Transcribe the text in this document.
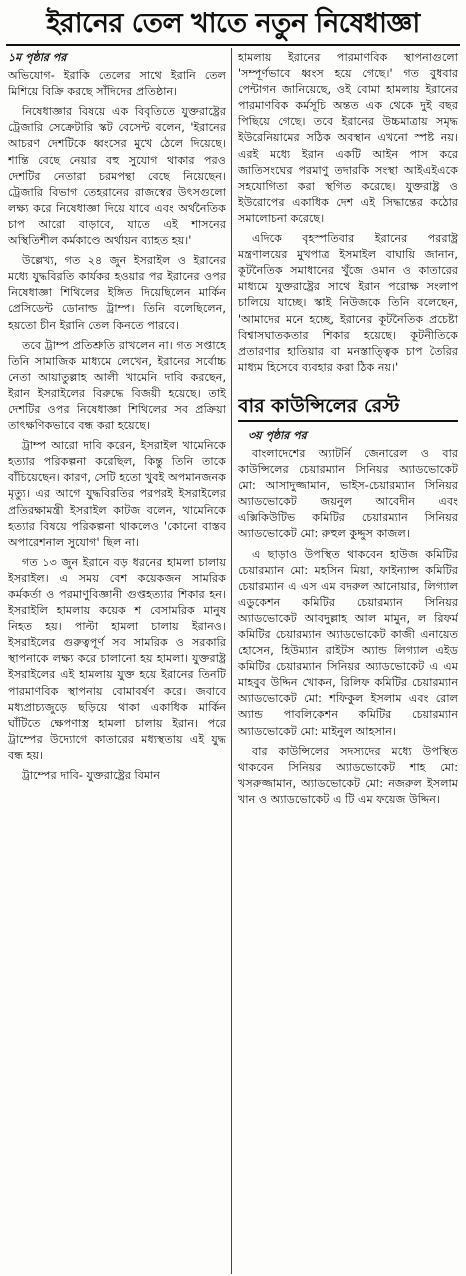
ইরানের তেল খাতে নতুন নিষেধাজ্ঞা
১ম পৃষ্ঠার পর

অভিযোগ- ইরাকি তেলের সাথে ইরানি তেল মিশিয়ে বিক্রি করছে সাঁদিদের প্রতিষ্ঠান।

নিষেধাজ্ঞার বিষয়ে এক বিবৃতিতে যুক্তরাষ্ট্রের ট্রেজারি সেক্রেটারি স্কট বেসেন্ট বলেন, 'ইরানের আচরণ দেশটিকে ধ্বংসের মুখে ঠেলে দিয়েছে। শান্তি বেছে নেয়ার বহু সুযোগ থাকার পরও দেশটির নেতারা চরমপন্থা বেছে নিয়েছেন। ট্রেজারি বিভাগ তেহরানের রাজস্বের উৎসগুলো লক্ষ্য করে নিষেধাজ্ঞা দিয়ে যাবে এবং অর্থনৈতিক চাপ আরো বাড়াবে, যাতে এই শাসনের অস্থিতিশীল কর্মকাণ্ডে অর্থায়ন ব্যাহত হয়।'

উল্লেখ্য, গত ২৪ জুন ইসরাইল ও ইরানের মধ্যে যুদ্ধবিরতি কার্যকর হওয়ার পর ইরানের ওপর নিষেধাজ্ঞা শিথিলের ইঙ্গিত দিয়েছিলেন মার্কিন প্রেসিডেন্ট ডোনাল্ড ট্রাম্প। তিনি বলেছিলেন, হয়তো চীন ইরানি তেল কিনতে পারবে।

তবে ট্রাম্প প্রতিশ্রুতি রাখলেন না। গত সপ্তাহে তিনি সামাজিক মাধ্যমে লেখেন, ইরানের সর্বোচ্চ নেতা আয়াতুল্লাহ আলী খামেনি দাবি করছেন, ইরান ইসরাইলের বিরুদ্ধে বিজয়ী হয়েছে। তাই দেশটির ওপর নিষেধাজ্ঞা শিথিলের সব প্রক্রিয়া তাৎক্ষণিকভাবে বন্ধ করা হয়েছে।

ট্রাম্প আরো দাবি করেন, ইসরাইল খামেনিকে হত্যার পরিকল্পনা করেছিল, কিন্তু তিনি তাকে বাঁচিয়েছেন। কারণ, সেটি হতো খুবই অপমানজনক মৃত্যু। এর আগে যুদ্ধবিরতির পরপরই ইসরাইলের প্রতিরক্ষামন্ত্রী ইসরাইল কাটজ বলেন, খামেনিকে হত্যার বিষয়ে পরিকল্পনা থাকলেও 'কোনো বাস্তব অপারেশনাল সুযোগ' ছিল না।

গত ১৩ জুন ইরানে বড় ধরনের হামলা চালায় ইসরাইল। এ সময় বেশ কয়েকজন সামরিক কর্মকর্তা ও পরমাণুবিজ্ঞানী গুপ্তহত্যার শিকার হন। ইসরাইলি হামলায় কয়েক শ বেসামরিক মানুষ নিহত হয়। পাল্টা হামলা চালায় ইরানও। ইসরাইলের গুরুত্বপূর্ণ সব সামরিক ও সরকারি স্থাপনাকে লক্ষ্য করে চালানো হয় হামলা। যুক্তরাষ্ট্র ইসরাইলের এই হামলায় যুক্ত হয়ে ইরানের তিনটি পারমাণবিক স্থাপনায় বোমাবর্ষণ করে। জবাবে মধ্যপ্রাচ্যজুড়ে ছড়িয়ে থাকা একাধিক মার্কিন ঘাঁটিতে ক্ষেপণাস্ত্র হামলা চালায় ইরান। পরে ট্রাম্পের উদ্যোগে কাতারের মধ্যস্থতায় এই যুদ্ধ বন্ধ হয়।

ট্রাম্পের দাবি- যুক্তরাষ্ট্রের বিমান

হামলায় ইরানের পারমাণবিক স্থাপনাগুলো 'সম্পূর্ণভাবে ধ্বংস হয়ে গেছে।' গত বুধবার পেন্টাগন জানিয়েছে, ওই বোমা হামলায় ইরানের পারমাণবিক কর্মসূচি অন্তত এক থেকে দুই বছর পিছিয়ে গেছে। তবে ইরানের উচ্চমাত্রায় সমৃদ্ধ ইউরেনিয়ামের সঠিক অবস্থান এখনো স্পষ্ট নয়। এরই মধ্যে ইরান একটি আইন পাস করে জাতিসংঘের পরমাণু তদারকি সংস্থা আইএইএকে সহযোগিতা করা স্থগিত করেছে। যুক্তরাষ্ট্র ও ইউরোপের একাধিক দেশ এই সিদ্ধান্তের কঠোর সমালোচনা করেছে।

এদিকে বৃহস্পতিবার ইরানের পররাষ্ট্র মন্ত্রণালয়ের মুখপাত্র ইসমাইল বাঘায়ি জানান, কূটনৈতিক সমাধানের খুঁজে ওমান ও কাতারের মাধ্যমে যুক্তরাষ্ট্রের সাথে ইরান পরোক্ষ সংলাপ চালিয়ে যাচ্ছে। স্কাই নিউজকে তিনি বলেছেন, 'আমাদের মনে হচ্ছে, ইরানের কূটনৈতিক প্রচেষ্টা বিশ্বাসঘাতকতার শিকার হয়েছে। কূটনীতিকে প্রতারণার হাতিয়ার বা মনস্তাত্ত্বিক চাপ তৈরির মাধ্যম হিসেবে ব্যবহার করা ঠিক নয়।'

বার কাউন্সিলের রেস্ট
৩য় পৃষ্ঠার পর

বাংলাদেশের অ্যাটর্নি জেনারেল ও বার কাউন্সিলের চেয়ারম্যান সিনিয়র অ্যাডভোকেট মো: আসাদুজ্জামান, ভাইস-চেয়ারম্যান সিনিয়র অ্যাডভোকেট জয়নুল আবেদীন এবং এক্সিকিউটিভ কমিটির চেয়ারম্যান সিনিয়র অ্যাডভোকেট মো: রুহুল কুদ্দুস কাজল।

এ ছাড়াও উপস্থিত থাকবেন হাউজ কমিটির চেয়ারম্যান মো: মহসিন মিয়া, ফাইন্যান্স কমিটির চেয়ারম্যান এ এস এম বদরুল আনোয়ার, লিগ্যাল এডুকেশন কমিটির চেয়ারম্যান সিনিয়র অ্যাডভোকেট আবদুল্লাহ আল মামুন, ল রিফর্ম কমিটির চেয়ারম্যান অ্যাডভোকেট কাজী এনায়েত হোসেন, হিউম্যান রাইটস অ্যান্ড লিগ্যাল এইড কমিটির চেয়ারম্যান সিনিয়র অ্যাডভোকেট এ এম মাহবুব উদ্দিন খোকন, রিলিফ কমিটির চেয়ারম্যান অ্যাডভোকেট মো: শফিকুল ইসলাম এবং রোল অ্যান্ড পাবলিকেশন কমিটির চেয়ারম্যান অ্যাডভোকেট মো: মাইনুল আহসান।

বার কাউন্সিলের সদস্যদের মধ্যে উপস্থিত থাকবেন সিনিয়র অ্যাডভোকেট শাহ মো: খসরুজ্জামান, অ্যাডভোকেট মো: নজরুল ইসলাম খান ও অ্যাডভোকেট এ টি এম ফয়েজ উদ্দিন।
